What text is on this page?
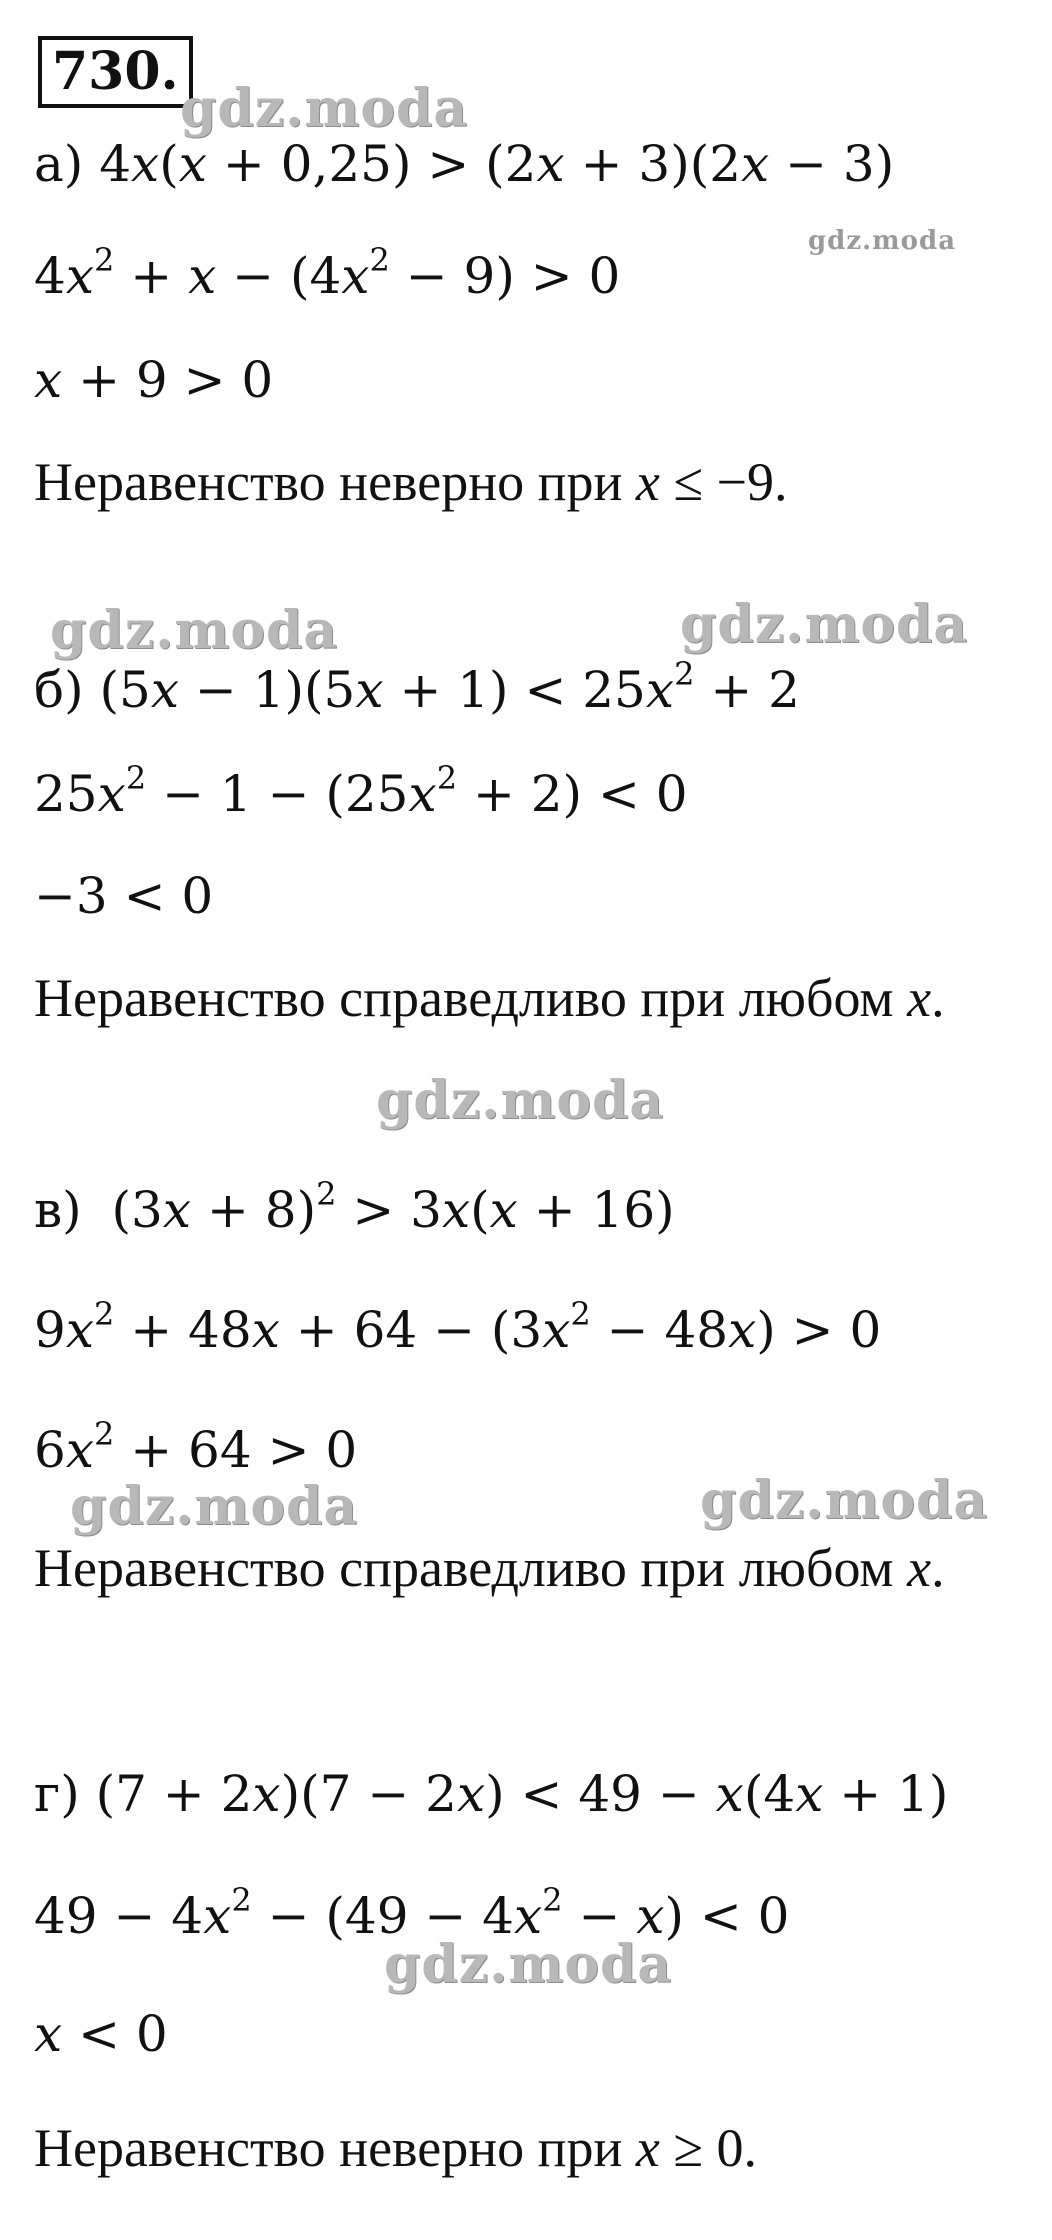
730.
gdz.moda
gdz.moda
gdz.moda	gdz.moda
gdz.moda
gdz.moda	gdz.moda
gdz.moda
а) 4x(x + 0,25) > (2x + 3)(2x − 3)
$4x^2 + x - (4x^2 - 9) > 0$
x + 9 > 0
Неравенство неверно при x ≤ −9.
б) $(5x - 1)(5x + 1) < 25x^2 + 2$
$25x^2 - 1 - (25x^2 + 2) < 0$
−3 < 0
Неравенство справедливо при любом x.
в) $(3x + 8)^2 > 3x(x + 16)$
$9x^2 + 48x + 64 - (3x^2 - 48x) > 0$
$6x^2 + 64 > 0$
Неравенство справедливо при любом x.
г) (7 + 2x)(7 − 2x) < 49 − x(4x + 1)
$49 - 4x^2 - (49 - 4x^2 - x) < 0$
x < 0
Неравенство неверно при x ≥ 0.
